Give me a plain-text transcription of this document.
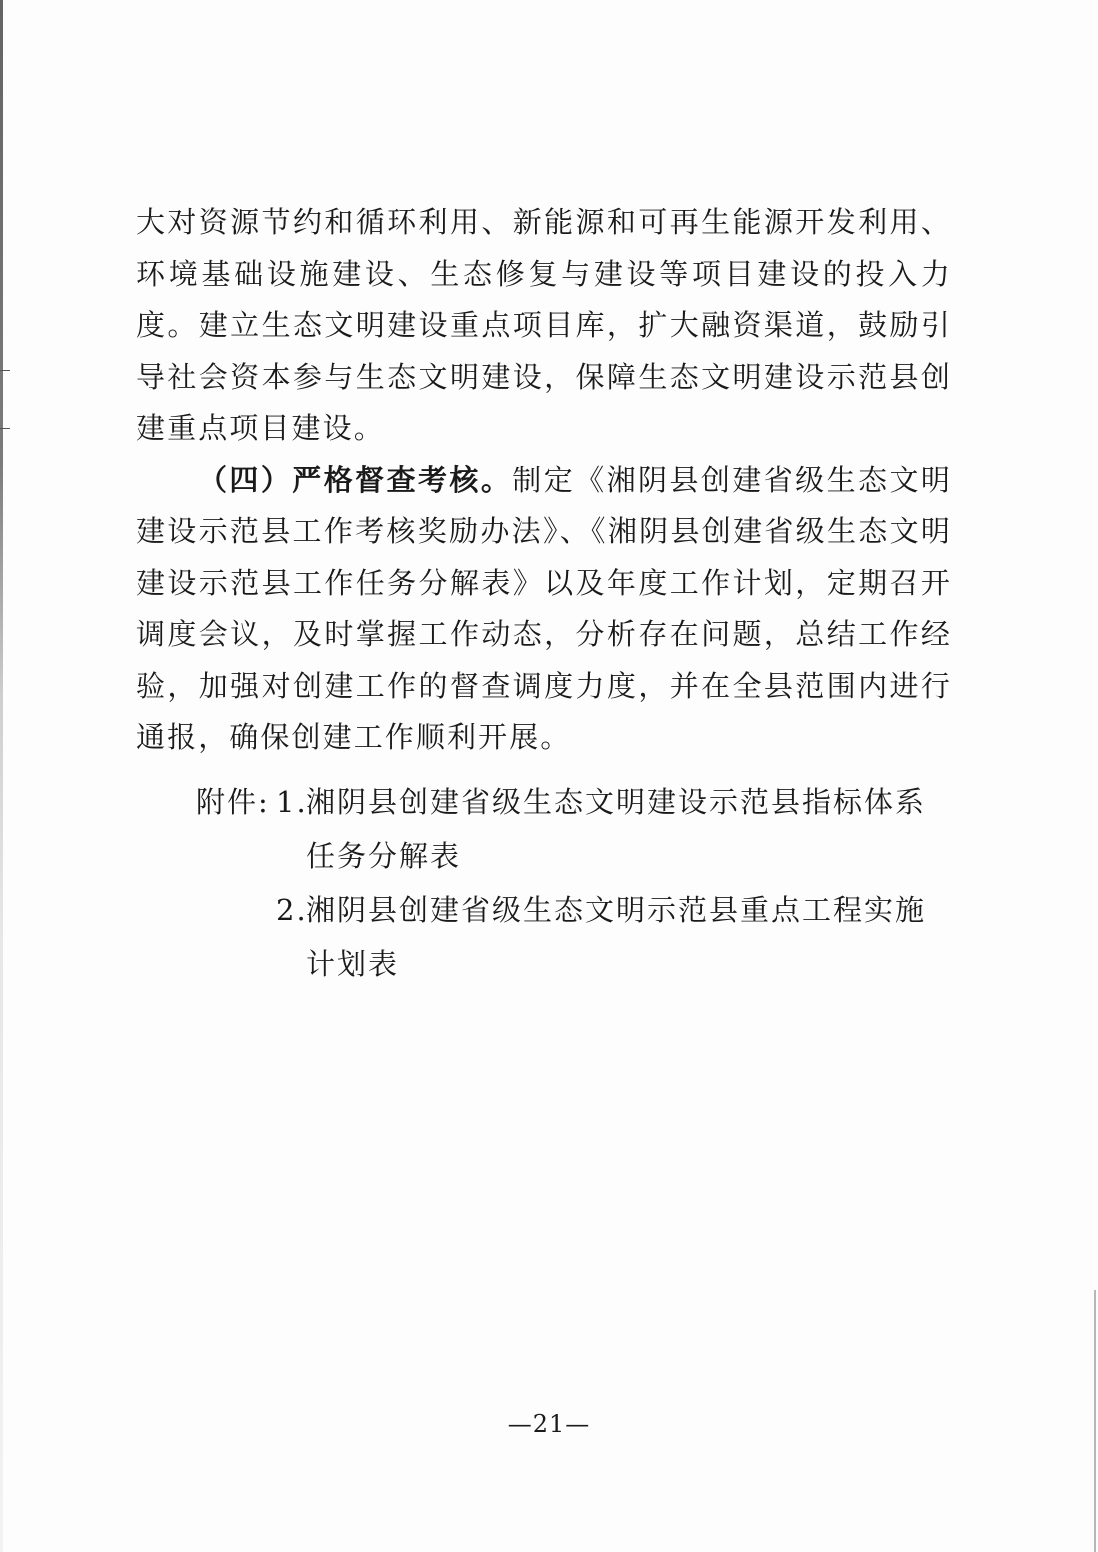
大对资源节约和循环利用、新能源和可再生能源开发利用、环境基础设施建设、生态修复与建设等项目建设的投入力度。建立生态文明建设重点项目库，扩大融资渠道，鼓励引导社会资本参与生态文明建设，保障生态文明建设示范县创建重点项目建设。

（四）严格督查考核。制定《湘阴县创建省级生态文明建设示范县工作考核奖励办法》、《湘阴县创建省级生态文明建设示范县工作任务分解表》以及年度工作计划，定期召开调度会议，及时掌握工作动态，分析存在问题，总结工作经验，加强对创建工作的督查调度力度，并在全县范围内进行通报，确保创建工作顺利开展。

附件: 1.
湘阴县创建省级生态文明建设示范县指标体系任务分解表
2.
湘阴县创建省级生态文明示范县重点工程实施计划表
—21—
